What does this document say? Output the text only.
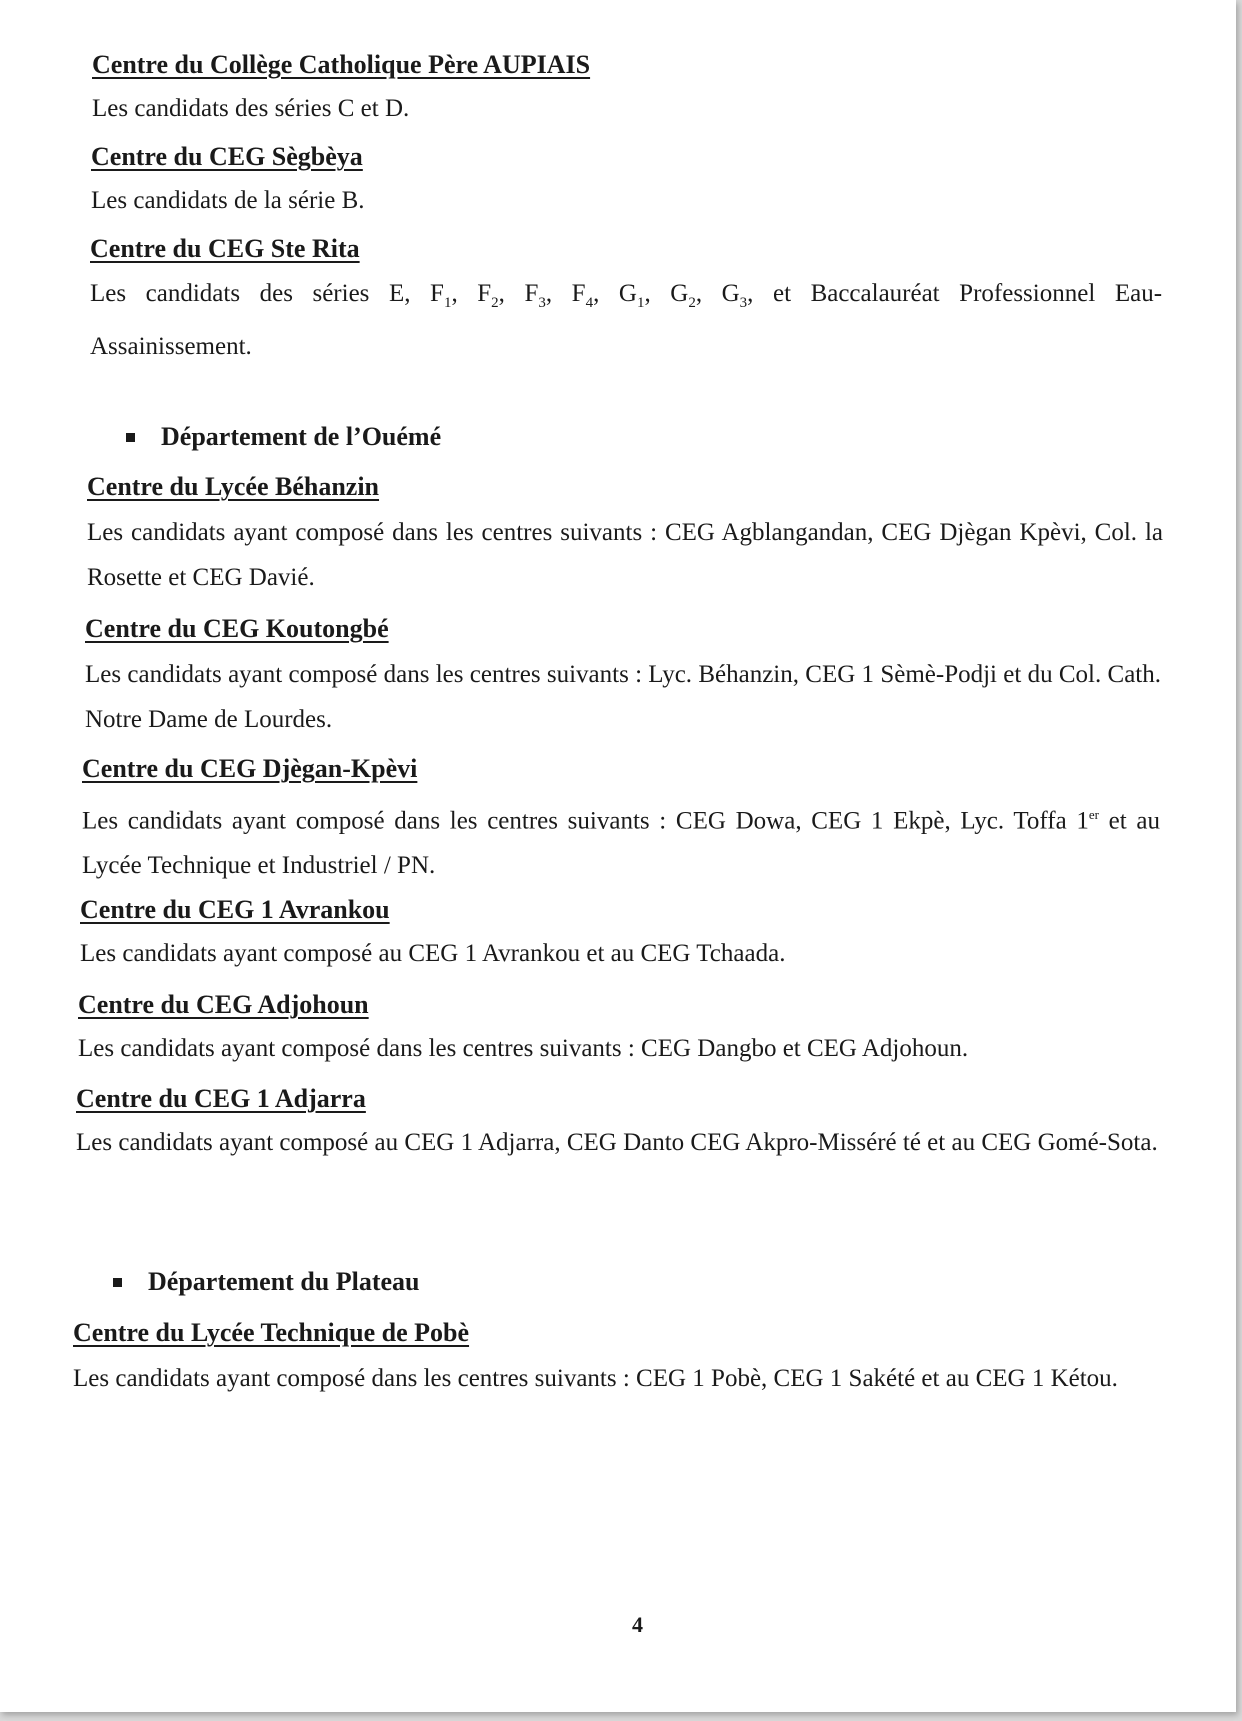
Centre du Collège Catholique Père AUPIAIS

Les candidats des séries C et D.

Centre du CEG Sègbèya

Les candidats de la série B.

Centre du CEG Ste Rita

Les candidats des séries E, $F_1$, $F_2$, $F_3$, $F_4$, $G_1$, $G_2$, $G_3$, et Baccalauréat Professionnel Eau-Assainissement.

Département de l’Ouémé

Centre du Lycée Béhanzin

Les candidats ayant composé dans les centres suivants : CEG Agblangandan, CEG Djègan Kpèvi, Col. la Rosette et CEG Davié.

Centre du CEG Koutongbé

Les candidats ayant composé dans les centres suivants : Lyc. Béhanzin, CEG 1 Sèmè-Podji et du Col. Cath. Notre Dame de Lourdes.

Centre du CEG Djègan-Kpèvi

Les candidats ayant composé dans les centres suivants : CEG Dowa, CEG 1 Ekpè, Lyc. Toffa 1er et au Lycée Technique et Industriel / PN.

Centre du CEG 1 Avrankou

Les candidats ayant composé au CEG 1 Avrankou et au CEG Tchaada.

Centre du CEG Adjohoun

Les candidats ayant composé dans les centres suivants : CEG Dangbo et CEG Adjohoun.

Centre du CEG 1 Adjarra

Les candidats ayant composé au CEG 1 Adjarra, CEG Danto CEG Akpro-Misséré té et au CEG Gomé-Sota.

Département du Plateau

Centre du Lycée Technique de Pobè

Les candidats ayant composé dans les centres suivants : CEG 1 Pobè, CEG 1 Sakété et au CEG 1 Kétou.

4
